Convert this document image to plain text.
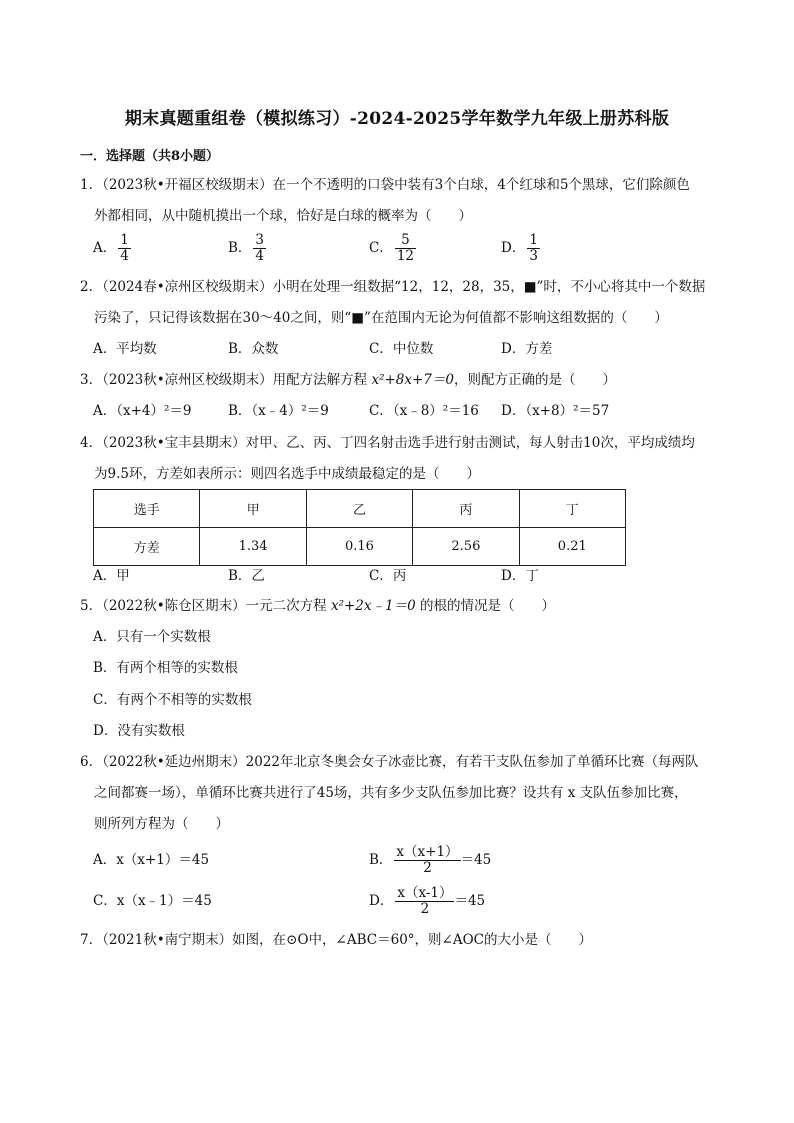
期末真题重组卷（模拟练习）-2024-2025学年数学九年级上册苏科版
一．选择题（共8小题）
1．（2023秋•开福区校级期末）在一个不透明的口袋中装有3个白球，4个红球和5个黑球，它们除颜色
外都相同，从中随机摸出一个球，恰好是白球的概率为（　　）
A． $\frac{1}{4}$	B． $\frac{3}{4}$	C． $\frac{5}{12}$	D． $\frac{1}{3}$
2．（2024春•凉州区校级期末）小明在处理一组数据“12，12，28，35，■”时，不小心将其中一个数据
污染了，只记得该数据在30～40之间，则“■”在范围内无论为何值都不影响这组数据的（　　）
A．平均数	B．众数	C．中位数	D．方差
3．（2023秋•凉州区校级期末）用配方法解方程 x²+8x+7＝0，则配方正确的是（　　）
A．（x+4）²＝9	B．（x﹣4）²＝9	C．（x﹣8）²＝16 D．（x+8）²＝57
4．（2023秋•宝丰县期末）对甲、乙、丙、丁四名射击选手进行射击测试，每人射击10次，平均成绩均
为9.5环，方差如表所示：则四名选手中成绩最稳定的是（　　）
选手	甲	乙	丙	丁
方差	1.34	0.16	2.56	0.21
A．甲	B．乙	C．丙	D．丁
5．（2022秋•陈仓区期末）一元二次方程 x²+2x﹣1＝0 的根的情况是（　　）
A．只有一个实数根
B．有两个相等的实数根
C．有两个不相等的实数根
D．没有实数根
6．（2022秋•延边州期末）2022年北京冬奥会女子冰壶比赛，有若干支队伍参加了单循环比赛（每两队
之间都赛一场），单循环比赛共进行了45场，共有多少支队伍参加比赛？设共有 x 支队伍参加比赛，
则所列方程为（　　）
A．x（x+1）＝45	B． $\frac{x(x+1)}{2} =45$
C．x（x﹣1）＝45	D． $\frac{x(x-1)}{2} =45$
7．（2021秋•南宁期末）如图，在⊙O中，∠ABC＝60°，则∠AOC的大小是（　　）
